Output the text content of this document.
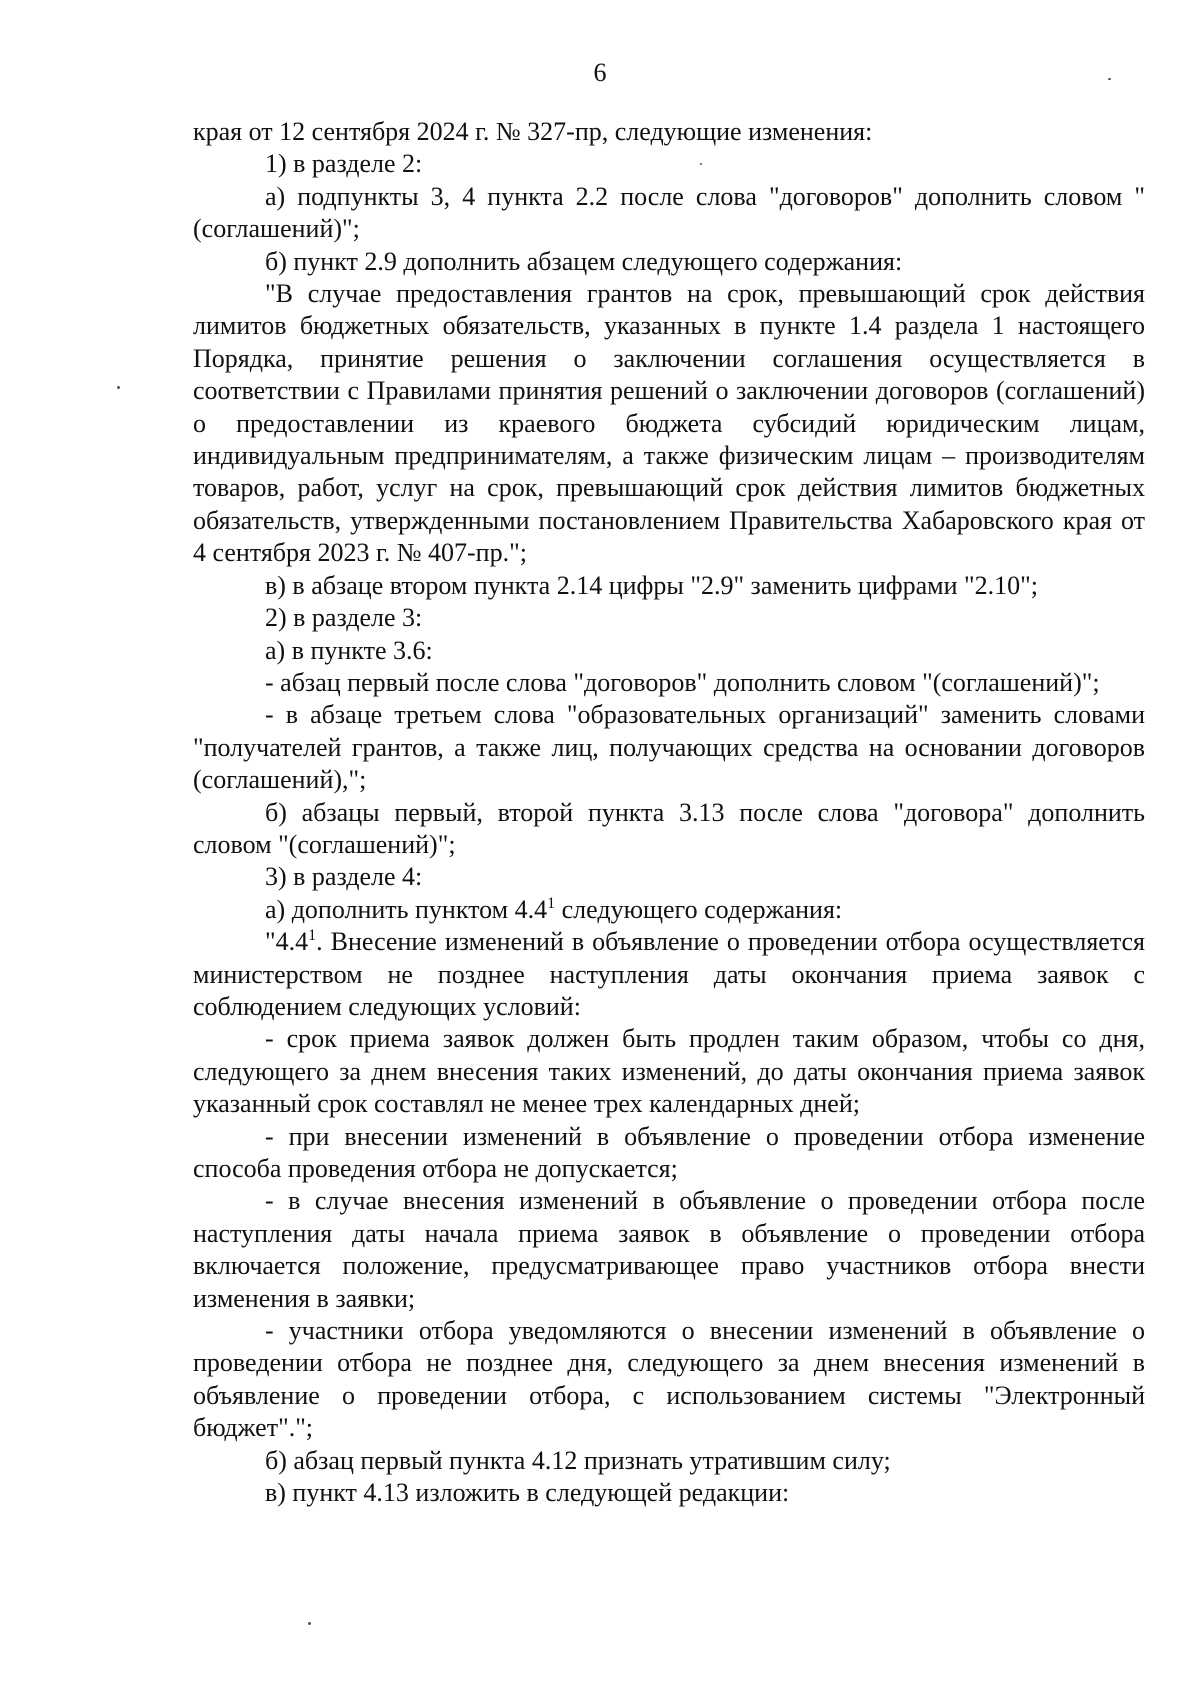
6

края от 12 сентября 2024 г. № 327-пр, следующие изменения:

1) в разделе 2:

а) подпункты 3, 4 пункта 2.2 после слова "договоров" дополнить словом "(соглашений)";

б) пункт 2.9 дополнить абзацем следующего содержания:

"В случае предоставления грантов на срок, превышающий срок действия лимитов бюджетных обязательств, указанных в пункте 1.4 раздела 1 настоящего Порядка, принятие решения о заключении соглашения осуществляется в соответствии с Правилами принятия решений о заключении договоров (соглашений) о предоставлении из краевого бюджета субсидий юридическим лицам, индивидуальным предпринимателям, а также физическим лицам – производителям товаров, работ, услуг на срок, превышающий срок действия лимитов бюджетных обязательств, утвержденными постановлением Правительства Хабаровского края от 4 сентября 2023 г. № 407-пр.";

в) в абзаце втором пункта 2.14 цифры "2.9" заменить цифрами "2.10";

2) в разделе 3:

а) в пункте 3.6:

- абзац первый после слова "договоров" дополнить словом "(соглашений)";

- в абзаце третьем слова "образовательных организаций" заменить словами "получателей грантов, а также лиц, получающих средства на основании договоров (соглашений),";

б) абзацы первый, второй пункта 3.13 после слова "договора" дополнить словом "(соглашений)";

3) в разделе 4:

а) дополнить пунктом $4.4^1$ следующего содержания:

"$4.4^1$. Внесение изменений в объявление о проведении отбора осуществляется министерством не позднее наступления даты окончания приема заявок с соблюдением следующих условий:

- срок приема заявок должен быть продлен таким образом, чтобы со дня, следующего за днем внесения таких изменений, до даты окончания приема заявок указанный срок составлял не менее трех календарных дней;

- при внесении изменений в объявление о проведении отбора изменение способа проведения отбора не допускается;

- в случае внесения изменений в объявление о проведении отбора после наступления даты начала приема заявок в объявление о проведении отбора включается положение, предусматривающее право участников отбора внести изменения в заявки;

- участники отбора уведомляются о внесении изменений в объявление о проведении отбора не позднее дня, следующего за днем внесения изменений в объявление о проведении отбора, с использованием системы "Электронный бюджет".";

б) абзац первый пункта 4.12 признать утратившим силу;

в) пункт 4.13 изложить в следующей редакции:
